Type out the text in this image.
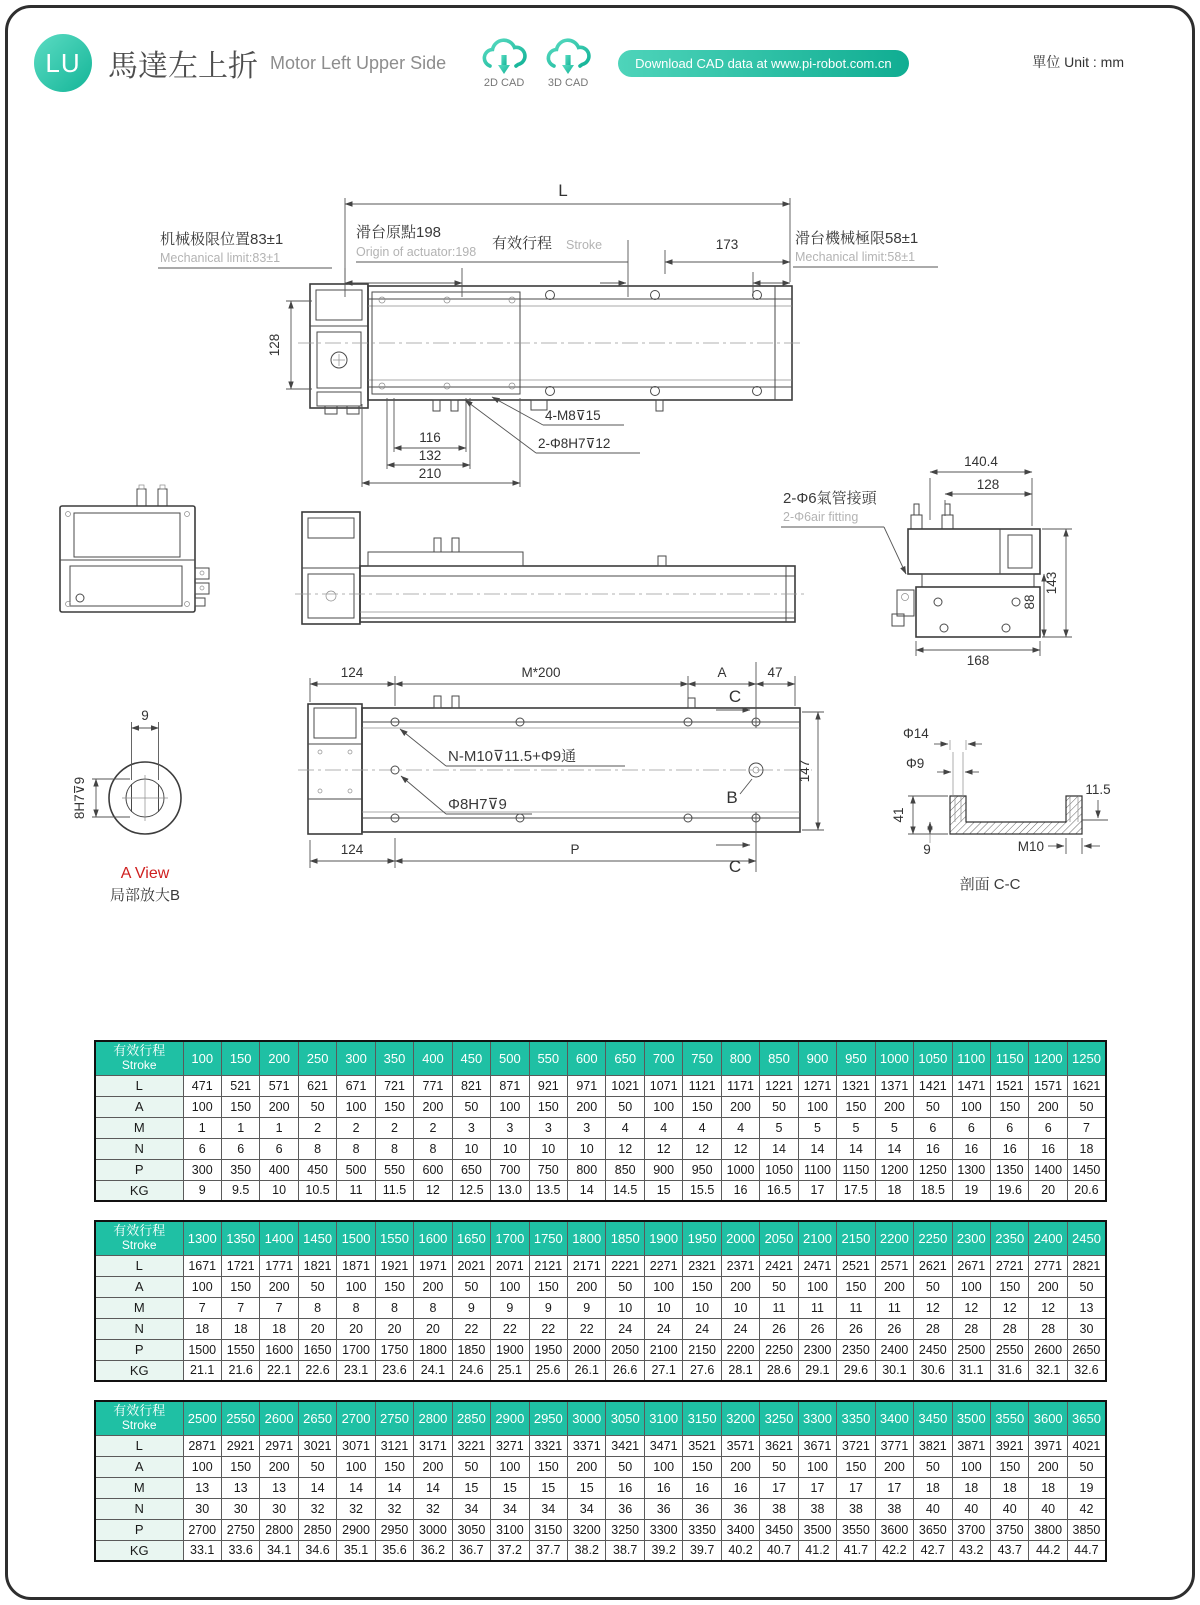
LU 馬達左上折 Motor Left Upper Side
2D CAD 3D CAD
Download CAD data at www.pi-robot.com.cn	單位 Unit : mm
L
机械极限位置83±1
Mechanical limit:83±1
滑台原點198
Origin of actuator:198 有效行程 Stroke	173	滑台機械極限58±1
Mechanical limit:58±1
128
116
132
210
4-M8⊽15
2-Φ8H7⊽12
140.4
128
143
88
168
2-Φ6氣管接頭
2-Φ6air fitting
124	M*200	A	47
C
N-M10⊽11.5+Φ9通
Φ8H7⊽9	B
147
124	P
C
9
8H7⊽9
A View
局部放大B
Φ14
Φ9
41
9	M10
11.5
剖面 C-C
有效行程
Stroke	100	150	200	250	300	350	400	450	500	550	600	650	700	750	800	850	900	950	1000	1050	1100	1150	1200	1250
L	471	521	571	621	671	721	771	821	871	921	971	1021	1071	1121	1171	1221	1271	1321	1371	1421	1471	1521	1571	1621
A	100	150	200	50	100	150	200	50	100	150	200	50	100	150	200	50	100	150	200	50	100	150	200	50
M	1	1	1	2	2	2	2	3	3	3	3	4	4	4	4	5	5	5	5	6	6	6	6	7
N	6	6	6	8	8	8	8	10	10	10	10	12	12	12	12	14	14	14	14	16	16	16	16	18
P	300	350	400	450	500	550	600	650	700	750	800	850	900	950	1000	1050	1100	1150	1200	1250	1300	1350	1400	1450
KG	9	9.5	10	10.5	11	11.5	12	12.5	13.0	13.5	14	14.5	15	15.5	16	16.5	17	17.5	18	18.5	19	19.6	20	20.6
有效行程
Stroke	1300	1350	1400	1450	1500	1550	1600	1650	1700	1750	1800	1850	1900	1950	2000	2050	2100	2150	2200	2250	2300	2350	2400	2450
L	1671	1721	1771	1821	1871	1921	1971	2021	2071	2121	2171	2221	2271	2321	2371	2421	2471	2521	2571	2621	2671	2721	2771	2821
A	100	150	200	50	100	150	200	50	100	150	200	50	100	150	200	50	100	150	200	50	100	150	200	50
M	7	7	7	8	8	8	8	9	9	9	9	10	10	10	10	11	11	11	11	12	12	12	12	13
N	18	18	18	20	20	20	20	22	22	22	22	24	24	24	24	26	26	26	26	28	28	28	28	30
P	1500	1550	1600	1650	1700	1750	1800	1850	1900	1950	2000	2050	2100	2150	2200	2250	2300	2350	2400	2450	2500	2550	2600	2650
KG	21.1	21.6	22.1	22.6	23.1	23.6	24.1	24.6	25.1	25.6	26.1	26.6	27.1	27.6	28.1	28.6	29.1	29.6	30.1	30.6	31.1	31.6	32.1	32.6
有效行程
Stroke	2500	2550	2600	2650	2700	2750	2800	2850	2900	2950	3000	3050	3100	3150	3200	3250	3300	3350	3400	3450	3500	3550	3600	3650
L	2871	2921	2971	3021	3071	3121	3171	3221	3271	3321	3371	3421	3471	3521	3571	3621	3671	3721	3771	3821	3871	3921	3971	4021
A	100	150	200	50	100	150	200	50	100	150	200	50	100	150	200	50	100	150	200	50	100	150	200	50
M	13	13	13	14	14	14	14	15	15	15	15	16	16	16	16	17	17	17	17	18	18	18	18	19
N	30	30	30	32	32	32	32	34	34	34	34	36	36	36	36	38	38	38	38	40	40	40	40	42
P	2700	2750	2800	2850	2900	2950	3000	3050	3100	3150	3200	3250	3300	3350	3400	3450	3500	3550	3600	3650	3700	3750	3800	3850
KG	33.1	33.6	34.1	34.6	35.1	35.6	36.2	36.7	37.2	37.7	38.2	38.7	39.2	39.7	40.2	40.7	41.2	41.7	42.2	42.7	43.2	43.7	44.2	44.7
